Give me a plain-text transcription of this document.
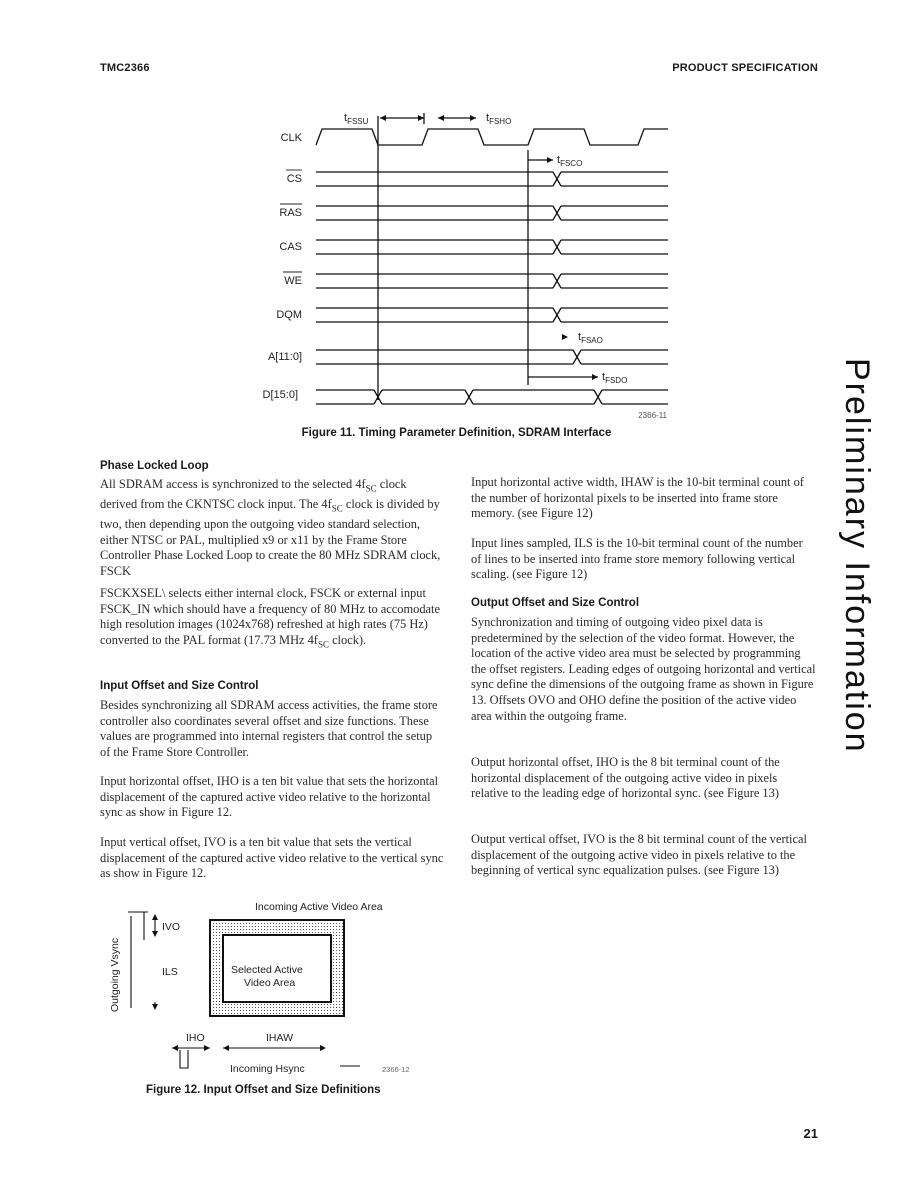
TMC2366	PRODUCT SPECIFICATION
Preliminary Information
$t_{FSSU}$	$t_{FSHO}$
$t_{FSCO}$
$t_{FSAO}$
$t_{FSDO}$
CLK
CS
RAS
CAS
WE
DQM
A[11:0]
D[15:0]
2366-11
Figure 11. Timing Parameter Definition, SDRAM Interface
Phase Locked Loop

All SDRAM access is synchronized to the selected $4f_{SC}$ clock derived from the CKNTSC clock input. The $4f_{SC}$ clock is divided by two, then depending upon the outgoing video standard selection, either NTSC or PAL, multiplied x9 or x11 by the Frame Store Controller Phase Locked Loop to create the 80 MHz SDRAM clock, FSCK

FSCKXSEL\ selects either internal clock, FSCK or external input FSCK_IN which should have a frequency of 80 MHz to accomodate high resolution images (1024x768) refreshed at high rates (75 Hz) converted to the PAL format (17.73 MHz $4f_{SC}$ clock).

Input Offset and Size Control

Besides synchronizing all SDRAM access activities, the frame store controller also coordinates several offset and size functions. These values are programmed into internal registers that control the setup of the Frame Store Controller.

Input horizontal offset, IHO is a ten bit value that sets the horizontal displacement of the captured active video relative to the horizontal sync as show in Figure 12.

Input vertical offset, IVO is a ten bit value that sets the vertical displacement of the captured active video relative to the vertical sync as show in Figure 12.

Input horizontal active width, IHAW is the 10-bit terminal count of the number of horizontal pixels to be inserted into frame store memory. (see Figure 12)

Input lines sampled, ILS is the 10-bit terminal count of the number of lines to be inserted into frame store memory following vertical scaling. (see Figure 12)

Output Offset and Size Control

Synchronization and timing of outgoing video pixel data is predetermined by the selection of the video format. However, the location of the active video area must be selected by programming the offset registers. Leading edges of outgoing horizontal and vertical sync define the dimensions of the outgoing frame as shown in Figure 13. Offsets OVO and OHO define the position of the active video area within the outgoing frame.

Output horizontal offset, IHO is the 8 bit terminal count of the horizontal displacement of the outgoing active video in pixels relative to the leading edge of horizontal sync. (see Figure 13)

Output vertical offset, IVO is the 8 bit terminal count of the vertical displacement of the outgoing active video in pixels relative to the beginning of vertical sync equalization pulses. (see Figure 13)

Incoming Active Video Area
IVO
ILS	Selected Active
Video Area
IHO	IHAW
Incoming Hsync
Outgoing Vsync
2366-12
Figure 12. Input Offset and Size Definitions
21
